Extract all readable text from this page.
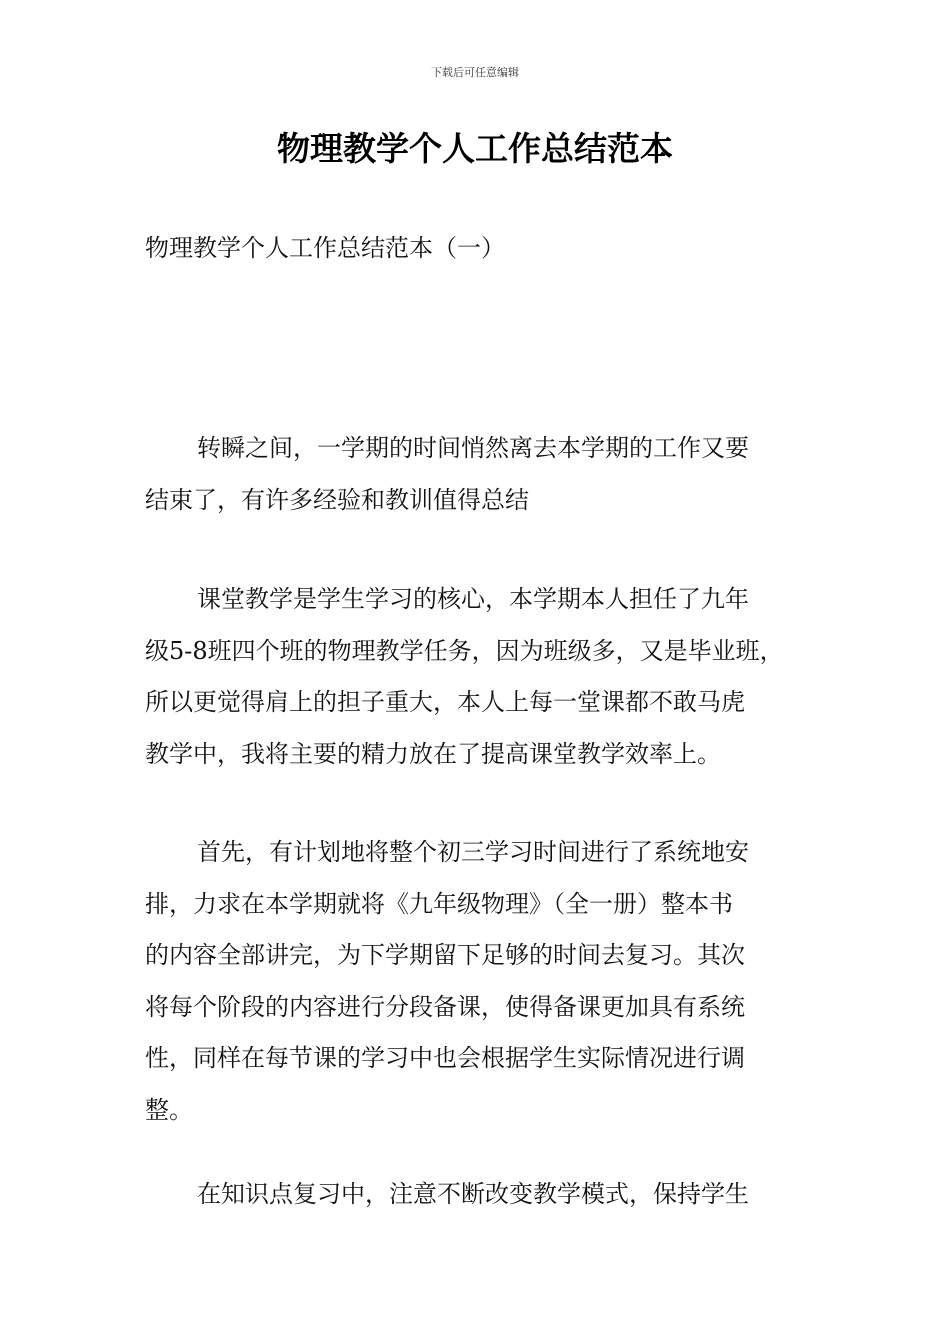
下载后可任意编辑
物理教学个人工作总结范本

物理教学个人工作总结范本（一）

转瞬之间，一学期的时间悄然离去本学期的工作又要
结束了，有许多经验和教训值得总结
课堂教学是学生学习的核心，本学期本人担任了九年
级5-8班四个班的物理教学任务，因为班级多，又是毕业班，
所以更觉得肩上的担子重大，本人上每一堂课都不敢马虎
教学中，我将主要的精力放在了提高课堂教学效率上。
首先，有计划地将整个初三学习时间进行了系统地安
排，力求在本学期就将《九年级物理》（全一册）整本书
的内容全部讲完，为下学期留下足够的时间去复习。其次
将每个阶段的内容进行分段备课，使得备课更加具有系统
性，同样在每节课的学习中也会根据学生实际情况进行调
整。
在知识点复习中，注意不断改变教学模式，保持学生
